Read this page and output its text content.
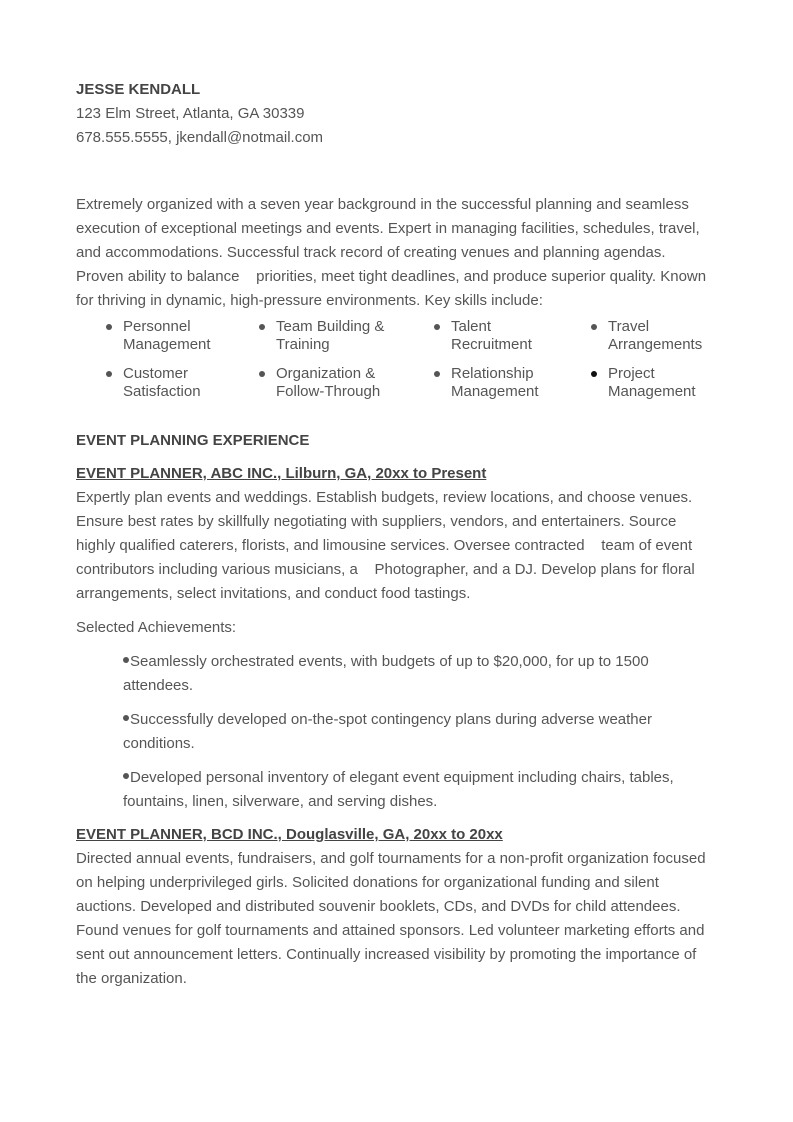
JESSE KENDALL
123 Elm Street, Atlanta, GA 30339
678.555.5555, jkendall@notmail.com
Extremely organized with a seven year background in the successful planning and seamless execution of exceptional meetings and events. Expert in managing facilities, schedules, travel, and accommodations. Successful track record of creating venues and planning agendas. Proven ability to balance    priorities, meet tight deadlines, and produce superior quality. Known for thriving in dynamic, high-pressure environments. Key skills include:
Personnel
Management
Team Building &
Training
Talent
Recruitment
Travel
Arrangements
Customer
Satisfaction
Organization &
Follow-Through
Relationship
Management
Project
Management
EVENT PLANNING EXPERIENCE
EVENT PLANNER, ABC INC., Lilburn, GA, 20xx to Present
Expertly plan events and weddings. Establish budgets, review locations, and choose venues. Ensure best rates by skillfully negotiating with suppliers, vendors, and entertainers. Source highly qualified caterers, florists, and limousine services. Oversee contracted    team of event contributors including various musicians, a    Photographer, and a DJ. Develop plans for floral arrangements, select invitations, and conduct food tastings.
Selected Achievements:
Seamlessly orchestrated events, with budgets of up to $20,000, for up to 1500 attendees.
Successfully developed on-the-spot contingency plans during adverse weather conditions.
Developed personal inventory of elegant event equipment including chairs, tables, fountains, linen, silverware, and serving dishes.
EVENT PLANNER, BCD INC., Douglasville, GA, 20xx to 20xx
Directed annual events, fundraisers, and golf tournaments for a non-profit organization focused on helping underprivileged girls. Solicited donations for organizational funding and silent auctions. Developed and distributed souvenir booklets, CDs, and DVDs for child attendees. Found venues for golf tournaments and attained sponsors. Led volunteer marketing efforts and sent out announcement letters. Continually increased visibility by promoting the importance of the organization.
